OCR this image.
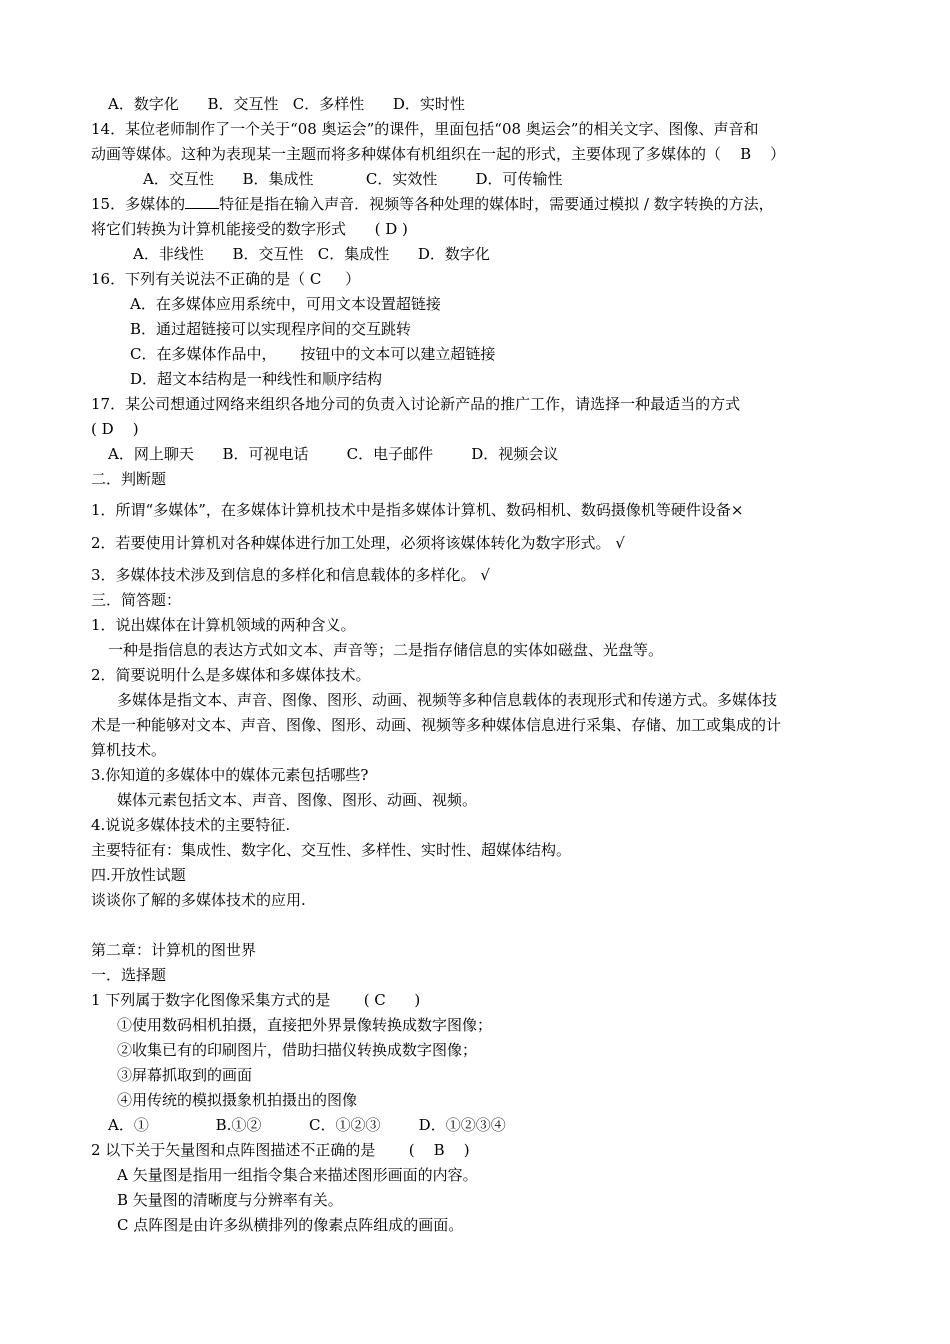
A．数字化      B．交互性   C．多样性      D．实时性
14．某位老师制作了一个关于“08 奥运会”的课件，里面包括“08 奥运会”的相关文字、图像、声音和
动画等媒体。这种为表现某一主题而将多种媒体有机组织在一起的形式，主要体现了多媒体的（    B    ）
A．交互性      B．集成性           C．实效性        D．可传输性
15．多媒体的 特征是指在输入声音．视频等各种处理的媒体时，需要通过模拟 / 数字转换的方法，
将它们转换为计算机能接受的数字形式      ( D )
A．非线性      B．交互性   C．集成性      D．数字化
16．下列有关说法不正确的是（ C     ）
A．在多媒体应用系统中，可用文本设置超链接
B．通过超链接可以实现程序间的交互跳转
C．在多媒体作品中，     按钮中的文本可以建立超链接
D．超文本结构是一种线性和顺序结构
17．某公司想通过网络来组织各地分司的负责入讨论新产品的推广工作，请选择一种最适当的方式
( D    )
A．网上聊天      B．可视电话        C．电子邮件        D．视频会议
二．判断题
1．所谓“多媒体”，在多媒体计算机技术中是指多媒体计算机、数码相机、数码摄像机等硬件设备×
2．若要使用计算机对各种媒体进行加工处理，必须将该媒体转化为数字形式。 √
3．多媒体技术涉及到信息的多样化和信息载体的多样化。 √
三．简答题：
1．说出媒体在计算机领域的两种含义。
一种是指信息的表达方式如文本、声音等；二是指存储信息的实体如磁盘、光盘等。
2．简要说明什么是多媒体和多媒体技术。
多媒体是指文本、声音、图像、图形、动画、视频等多种信息载体的表现形式和传递方式。多媒体技
术是一种能够对文本、声音、图像、图形、动画、视频等多种媒体信息进行采集、存储、加工或集成的计
算机技术。
3.你知道的多媒体中的媒体元素包括哪些?
媒体元素包括文本、声音、图像、图形、动画、视频。
4.说说多媒体技术的主要特征.
主要特征有：集成性、数字化、交互性、多样性、实时性、超媒体结构。
四.开放性试题
谈谈你了解的多媒体技术的应用.
第二章：计算机的图世界
一．选择题
1 下列属于数字化图像采集方式的是       ( C      )
①使用数码相机拍摄，直接把外界景像转换成数字图像；
②收集已有的印刷图片，借助扫描仪转换成数字图像；
③屏幕抓取到的画面
④用传统的模拟摄象机拍摄出的图像
A．①              B.①②          C．①②③        D．①②③④
2 以下关于矢量图和点阵图描述不正确的是       (    B    )
A 矢量图是指用一组指令集合来描述图形画面的内容。
B 矢量图的清晰度与分辨率有关。
C 点阵图是由许多纵横排列的像素点阵组成的画面。
